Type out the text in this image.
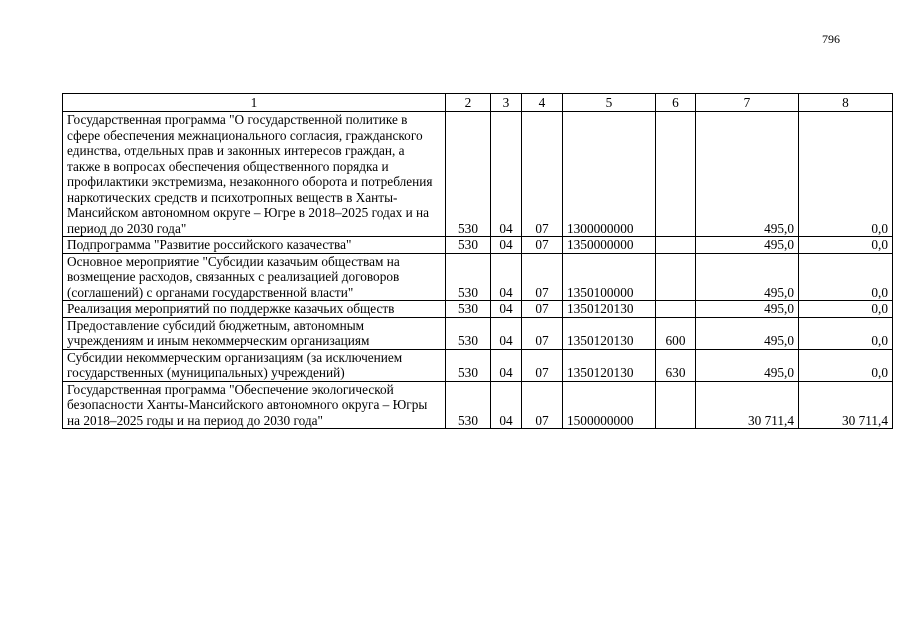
796
1	2	3	4	5	6	7	8
Государственная программа "О государственной политике в сфере обеспечения межнационального согласия, гражданского единства, отдельных прав и законных интересов граждан, а также в вопросах обеспечения общественного порядка и профилактики экстремизма, незаконного оборота и потребления наркотических средств и психотропных веществ в Ханты-Мансийском автономном округе – Югре в 2018–2025 годах и на период до 2030 года"	530	04	07	1300000000		495,0	0,0
Подпрограмма "Развитие российского казачества"	530	04	07	1350000000		495,0	0,0
Основное мероприятие "Субсидии казачьим обществам на возмещение расходов, связанных с реализацией договоров (соглашений) с органами государственной власти"	530	04	07	1350100000		495,0	0,0
Реализация мероприятий по поддержке казачьих обществ	530	04	07	1350120130		495,0	0,0
Предоставление субсидий бюджетным, автономным учреждениям и иным некоммерческим организациям	530	04	07	1350120130	600	495,0	0,0
Субсидии некоммерческим организациям (за исключением государственных (муниципальных) учреждений)	530	04	07	1350120130	630	495,0	0,0
Государственная программа "Обеспечение экологической безопасности Ханты-Мансийского автономного округа – Югры на 2018–2025 годы и на период до 2030 года"	530	04	07	1500000000		30 711,4	30 711,4
